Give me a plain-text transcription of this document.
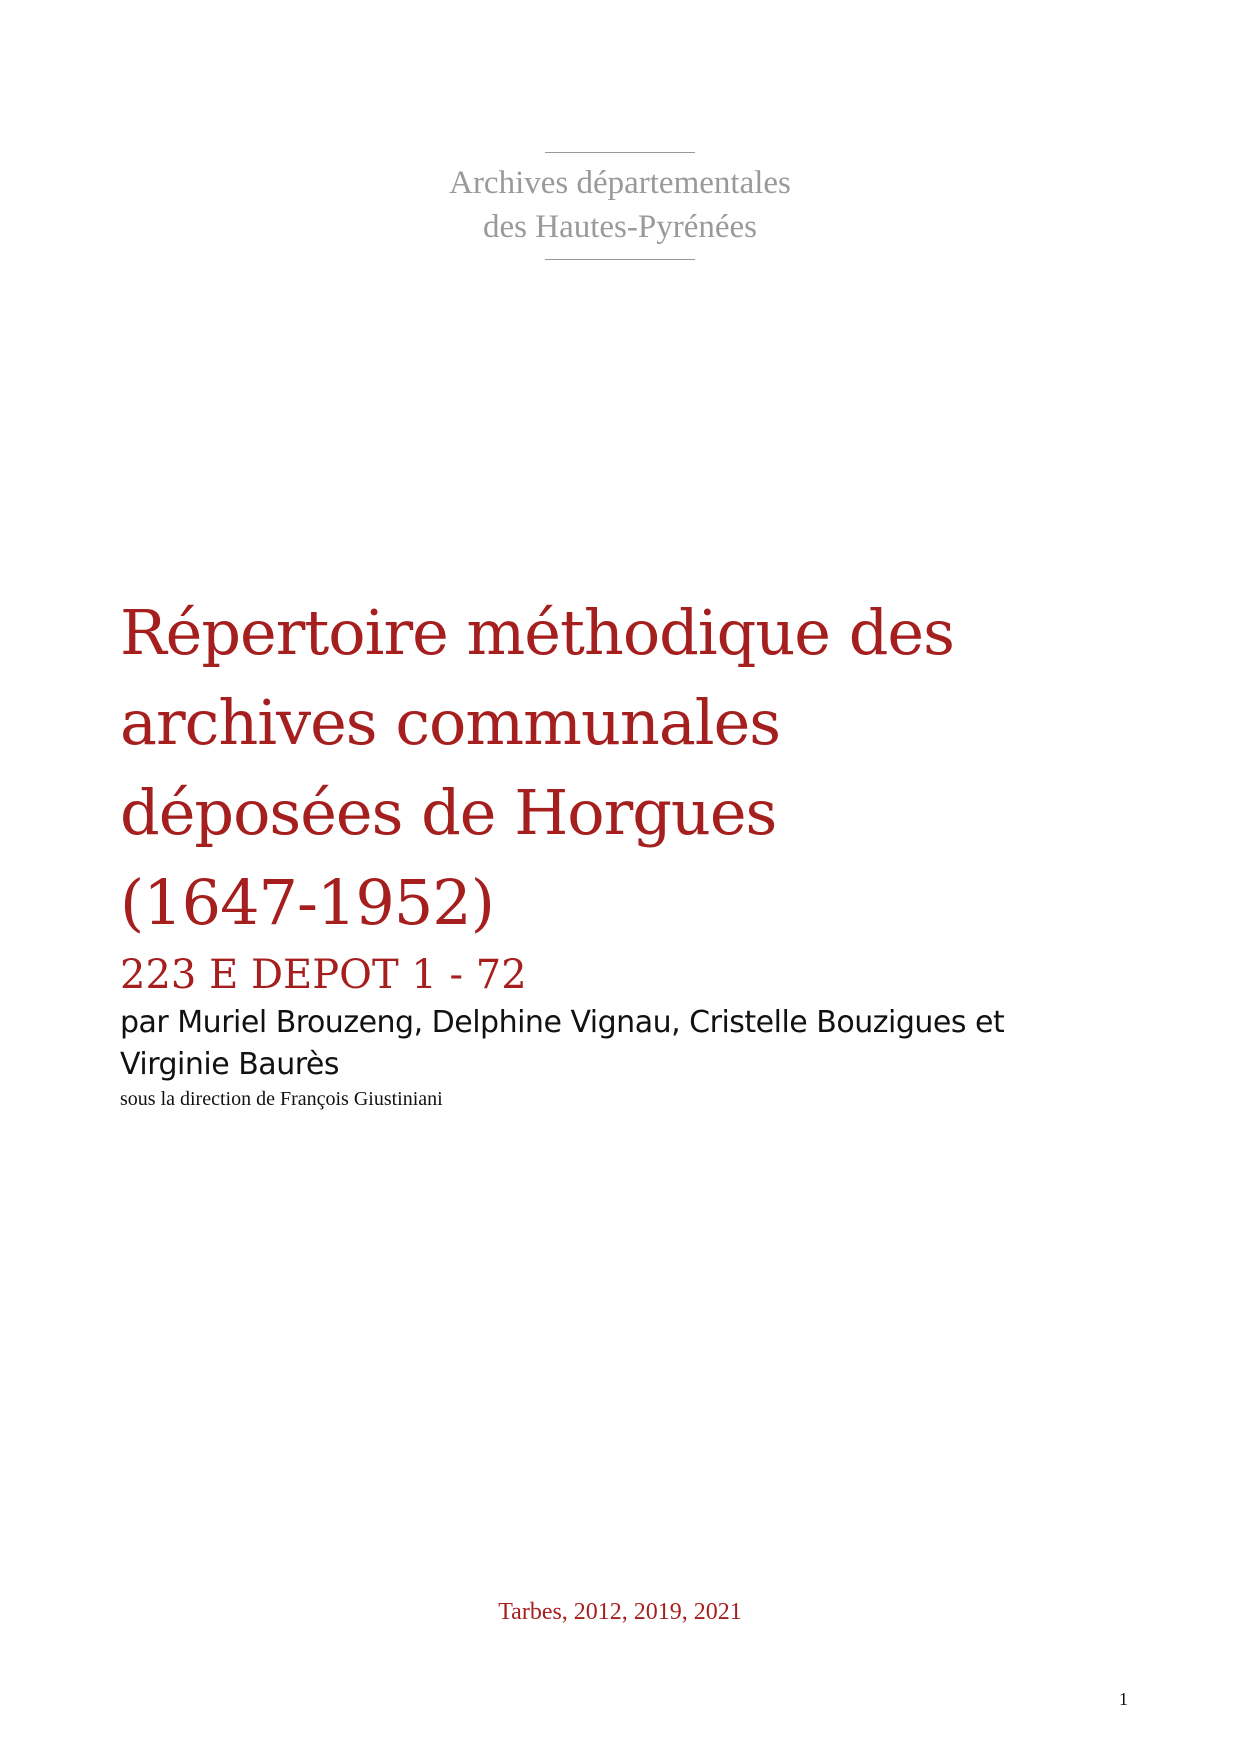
Archives départementales
des Hautes-Pyrénées
Répertoire méthodique des
archives communales
déposées de Horgues
(1647-1952)
223 E DEPOT 1 - 72
par Muriel Brouzeng, Delphine Vignau, Cristelle Bouzigues et
Virginie Baurès
sous la direction de François Giustiniani
Tarbes, 2012, 2019, 2021
1
